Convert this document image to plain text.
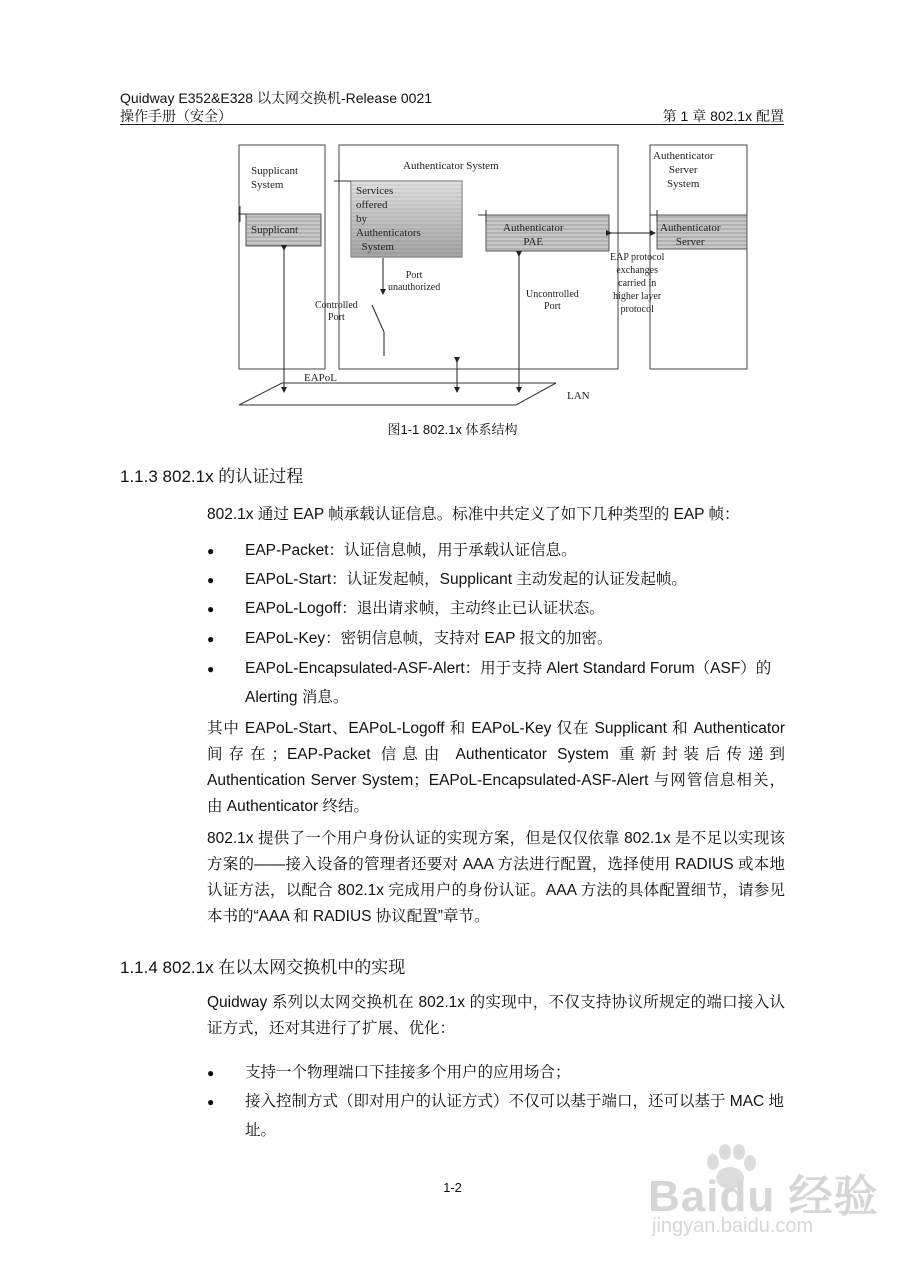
Quidway E352&E328 以太网交换机-Release 0021
操作手册（安全）	第 1 章 802.1x 配置
Supplicant
System
Supplicant
Authenticator System
Services
offered
by
Authenticators
System
Port
unauthorized
Controlled
Port
Authenticator
PAE
Uncontrolled
Port
EAP protocol
exchanges
carried in
higher layer
protocol
Authenticator
Server
System
Authenticator
Server
EAPoL
LAN
图1-1 802.1x 体系结构
1.1.3 802.1x 的认证过程
802.1x 通过 EAP 帧承载认证信息。标准中共定义了如下几种类型的 EAP 帧：
● EAP-Packet：认证信息帧，用于承载认证信息。
● EAPoL-Start：认证发起帧，Supplicant 主动发起的认证发起帧。
● EAPoL-Logoff：退出请求帧，主动终止已认证状态。
● EAPoL-Key：密钥信息帧，支持对 EAP 报文的加密。
● EAPoL-Encapsulated-ASF-Alert：用于支持 Alert Standard Forum（ASF）的 Alerting 消息。
其中 EAPoL-Start、EAPoL-Logoff 和 EAPoL-Key 仅在 Supplicant 和 Authenticator 间存在；EAP-Packet 信息由 Authenticator System 重新封装后传递到 Authentication Server System；EAPoL-Encapsulated-ASF-Alert 与网管信息相关，由 Authenticator 终结。
802.1x 提供了一个用户身份认证的实现方案，但是仅仅依靠 802.1x 是不足以实现该方案的——接入设备的管理者还要对 AAA 方法进行配置，选择使用 RADIUS 或本地认证方法，以配合 802.1x 完成用户的身份认证。AAA 方法的具体配置细节，请参见本书的“AAA 和 RADIUS 协议配置”章节。
1.1.4 802.1x 在以太网交换机中的实现
Quidway 系列以太网交换机在 802.1x 的实现中，不仅支持协议所规定的端口接入认证方式，还对其进行了扩展、优化：
● 支持一个物理端口下挂接多个用户的应用场合；
● 接入控制方式（即对用户的认证方式）不仅可以基于端口，还可以基于 MAC 地址。
1-2	Baidu 经验
jingyan.baidu.com
